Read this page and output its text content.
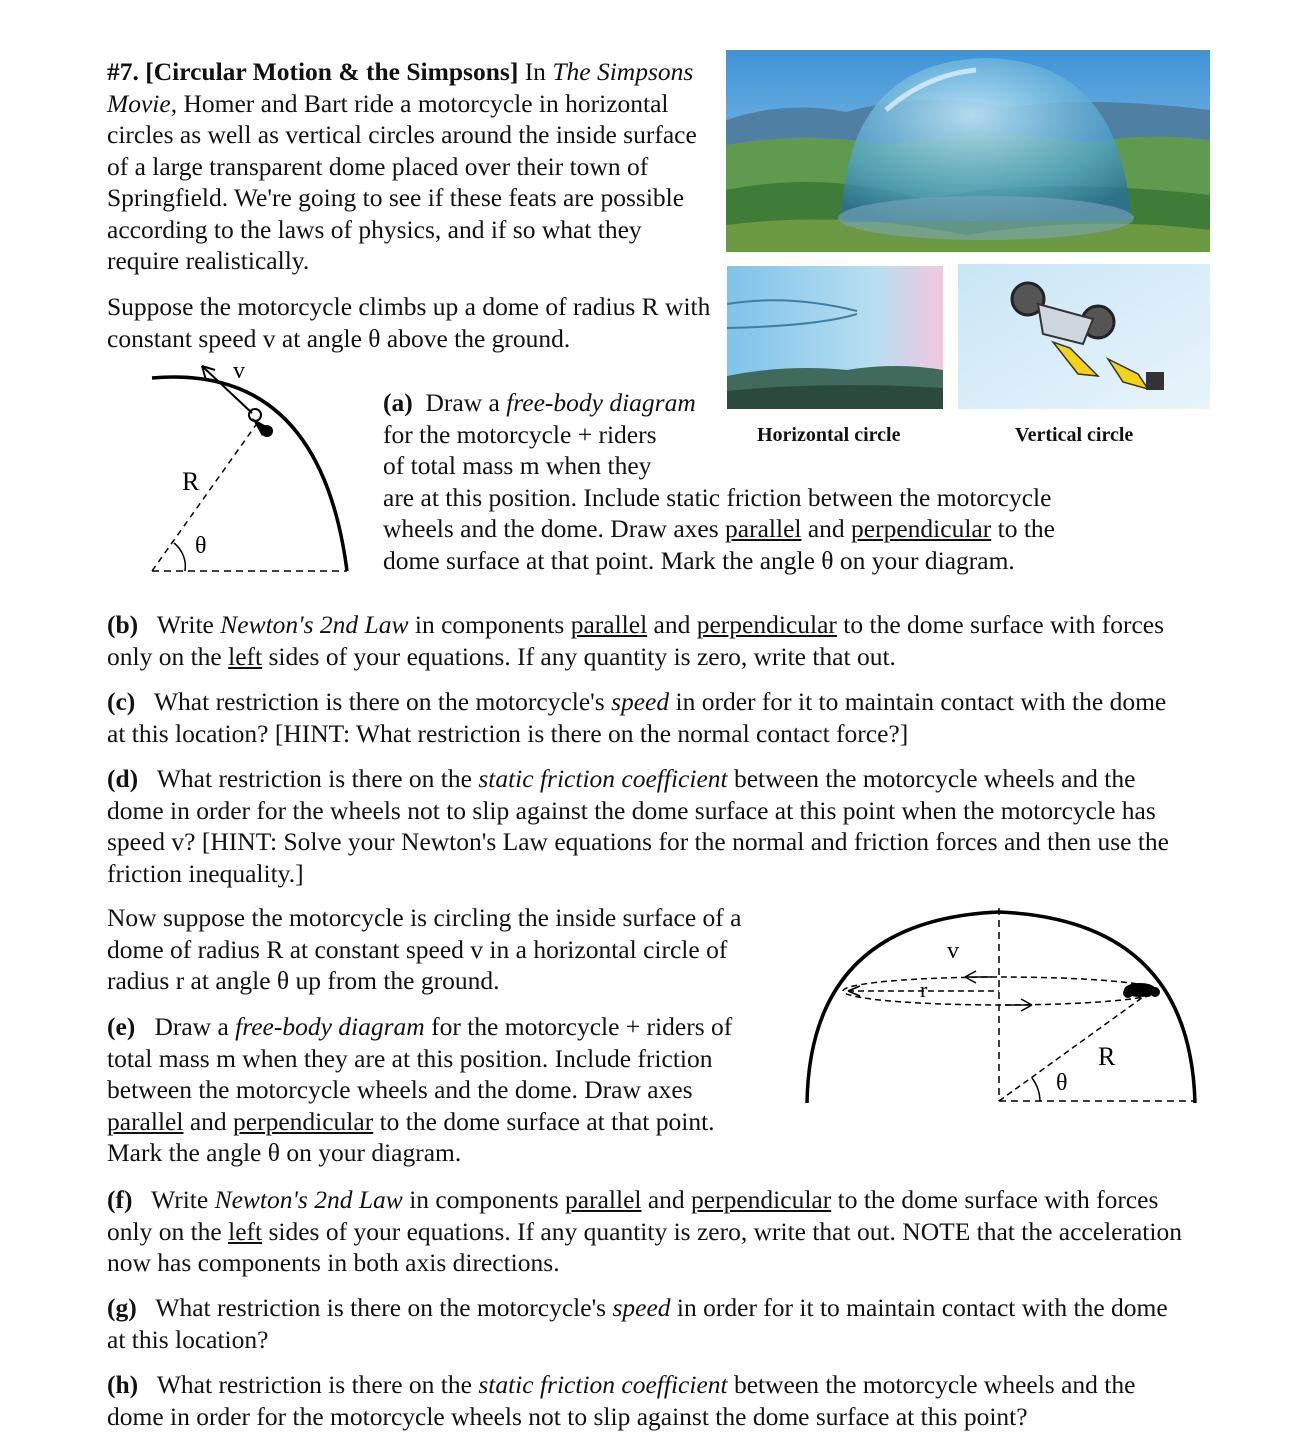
#7. [Circular Motion & the Simpsons] In The Simpsons Movie, Homer and Bart ride a motorcycle in horizontal circles as well as vertical circles around the inside surface of a large transparent dome placed over their town of Springfield. We're going to see if these feats are possible according to the laws of physics, and if so what they require realistically.

Suppose the motorcycle climbs up a dome of radius R with constant speed v at angle θ above the ground.

Horizontal circle	Vertical circle
v
R
θ

(a) Draw a free-body diagram
for the motorcycle + riders
of total mass m when they
are at this position. Include static friction between the motorcycle
wheels and the dome. Draw axes parallel and perpendicular to the
dome surface at that point. Mark the angle θ on your diagram.

(b) Write Newton's 2nd Law in components parallel and perpendicular to the dome surface with forces only on the left sides of your equations. If any quantity is zero, write that out.

(c) What restriction is there on the motorcycle's speed in order for it to maintain contact with the dome at this location? [HINT: What restriction is there on the normal contact force?]

(d) What restriction is there on the static friction coefficient between the motorcycle wheels and the dome in order for the wheels not to slip against the dome surface at this point when the motorcycle has speed v? [HINT: Solve your Newton's Law equations for the normal and friction forces and then use the friction inequality.]

Now suppose the motorcycle is circling the inside surface of a dome of radius R at constant speed v in a horizontal circle of radius r at angle θ up from the ground.

(e) Draw a free-body diagram for the motorcycle + riders of total mass m when they are at this position. Include friction between the motorcycle wheels and the dome. Draw axes parallel and perpendicular to the dome surface at that point. Mark the angle θ on your diagram.

v
r
R
θ

(f) Write Newton's 2nd Law in components parallel and perpendicular to the dome surface with forces only on the left sides of your equations. If any quantity is zero, write that out. NOTE that the acceleration now has components in both axis directions.

(g) What restriction is there on the motorcycle's speed in order for it to maintain contact with the dome at this location?

(h) What restriction is there on the static friction coefficient between the motorcycle wheels and the dome in order for the motorcycle wheels not to slip against the dome surface at this point?
